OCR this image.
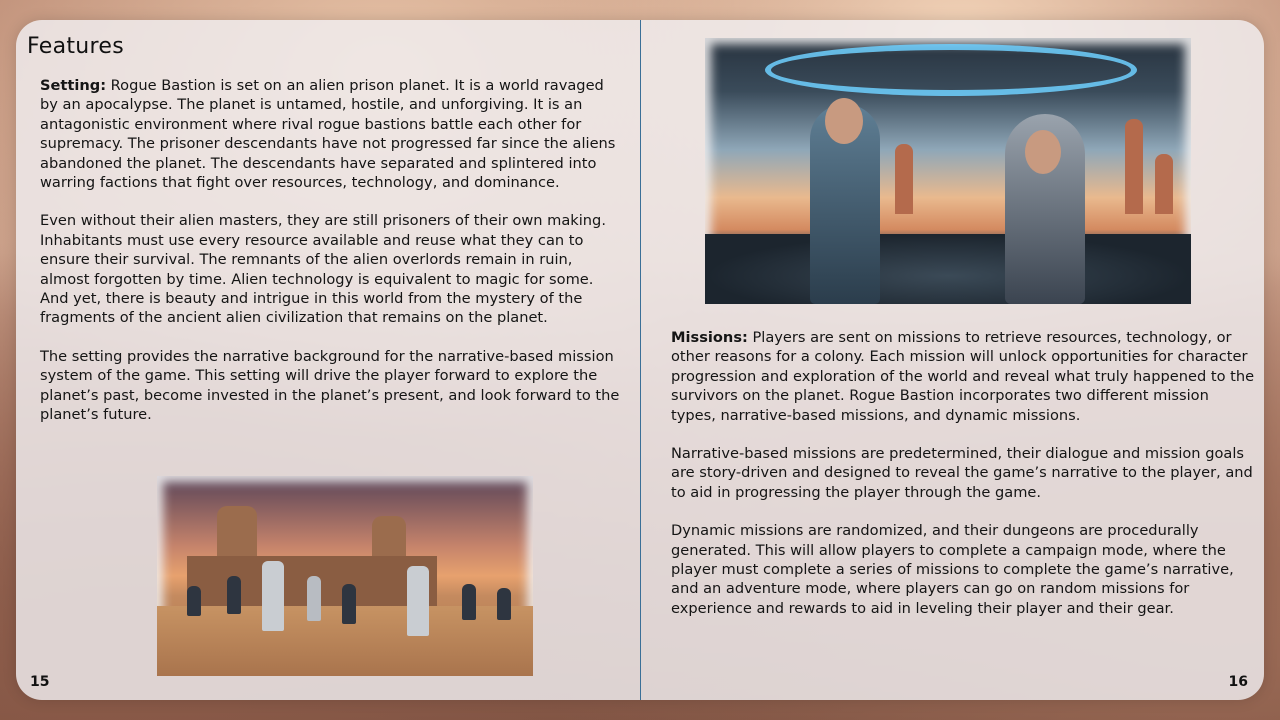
Features

Setting: Rogue Bastion is set on an alien prison planet. It is a world ravaged by an apocalypse. The planet is untamed, hostile, and unforgiving. It is an antagonistic environment where rival rogue bastions battle each other for supremacy. The prisoner descendants have not progressed far since the aliens abandoned the planet. The descendants have separated and splintered into warring factions that fight over resources, technology, and dominance.

Even without their alien masters, they are still prisoners of their own making. Inhabitants must use every resource available and reuse what they can to ensure their survival. The remnants of the alien overlords remain in ruin, almost forgotten by time. Alien technology is equivalent to magic for some. And yet, there is beauty and intrigue in this world from the mystery of the fragments of the ancient alien civilization that remains on the planet.

The setting provides the narrative background for the narrative-based mission system of the game. This setting will drive the player forward to explore the planet’s past, become invested in the planet’s present, and look forward to the planet’s future.

Missions: Players are sent on missions to retrieve resources, technology, or other reasons for a colony. Each mission will unlock opportunities for character progression and exploration of the world and reveal what truly happened to the survivors on the planet. Rogue Bastion incorporates two different mission types, narrative-based missions, and dynamic missions.

Narrative-based missions are predetermined, their dialogue and mission goals are story-driven and designed to reveal the game’s narrative to the player, and to aid in progressing the player through the game.

Dynamic missions are randomized, and their dungeons are procedurally generated. This will allow players to complete a campaign mode, where the player must complete a series of missions to complete the game’s narrative, and an adventure mode, where players can go on random missions for experience and rewards to aid in leveling their player and their gear.

15	16
